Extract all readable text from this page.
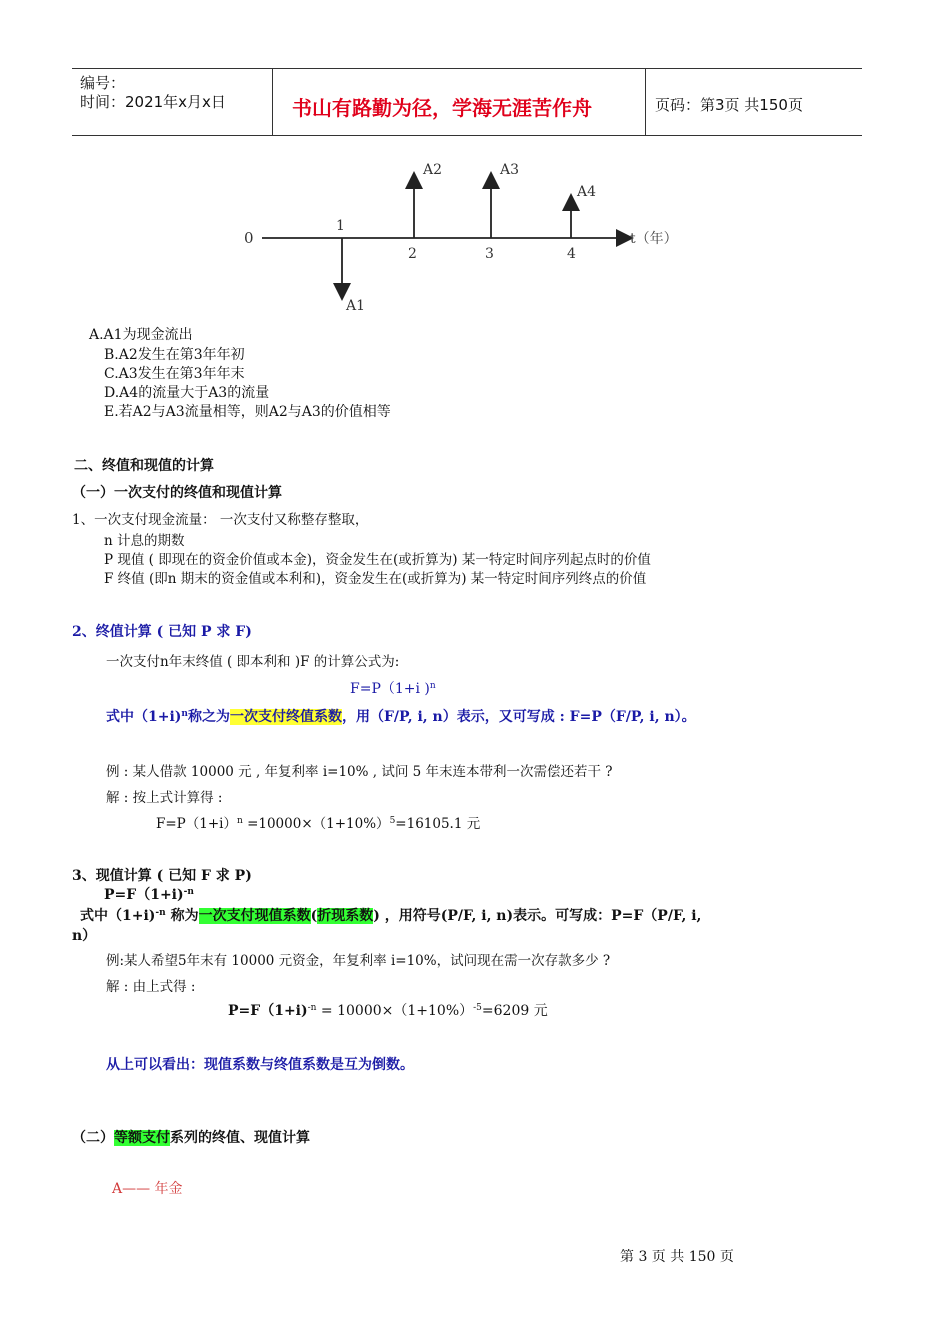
编号：
时间：2021年x月x日	书山有路勤为径，学海无涯苦作舟	页码：第3页 共150页
0
1
2	3	4
t（年）
A2	A3
A4
A1
A.A1为现金流出
B.A2发生在第3年年初
C.A3发生在第3年年末
D.A4的流量大于A3的流量
E.若A2与A3流量相等，则A2与A3的价值相等
二、终值和现值的计算
（一）一次支付的终值和现值计算
1、一次支付现金流量： 一次支付又称整存整取，
n 计息的期数
P 现值 ( 即现在的资金价值或本金)，资金发生在(或折算为) 某一特定时间序列起点时的价值
F 终值 (即n 期末的资金值或本利和)，资金发生在(或折算为) 某一特定时间序列终点的价值
2、终值计算 ( 已知 P 求 F)
一次支付n年末终值 ( 即本利和 )F 的计算公式为:
F=P（1+i )$^n$
式中（1+i)$^n$称之为一次支付终值系数，用（F/P, i, n）表示，又可写成 : F=P（F/P, i, n）。
例 : 某人借款 10000 元 , 年复利率 i=10% , 试问 5 年末连本带利一次需偿还若干 ?
解 : 按上式计算得 :
$F=P(1+i)^n =10000\times(1+10\%)^5=16105.1$ 元
3、现值计算 ( 已知 F 求 P)
P=F（1+i)$^{-n}$
式中（1+i)$^{-n}$ 称为一次支付现值系数(折现系数) ，用符号(P/F, i, n)表示。可写成：P=F（P/F, i,
n）
例:某人希望5年末有 10000 元资金，年复利率 i=10%，试问现在需一次存款多少 ?
解 : 由上式得 :
$P=F(1+i)^{-n} = 10000\times(1+10\%)^{-5}=6209$ 元
从上可以看出：现值系数与终值系数是互为倒数。
（二）等额支付系列的终值、现值计算
A—— 年金
第 3 页 共 150 页
